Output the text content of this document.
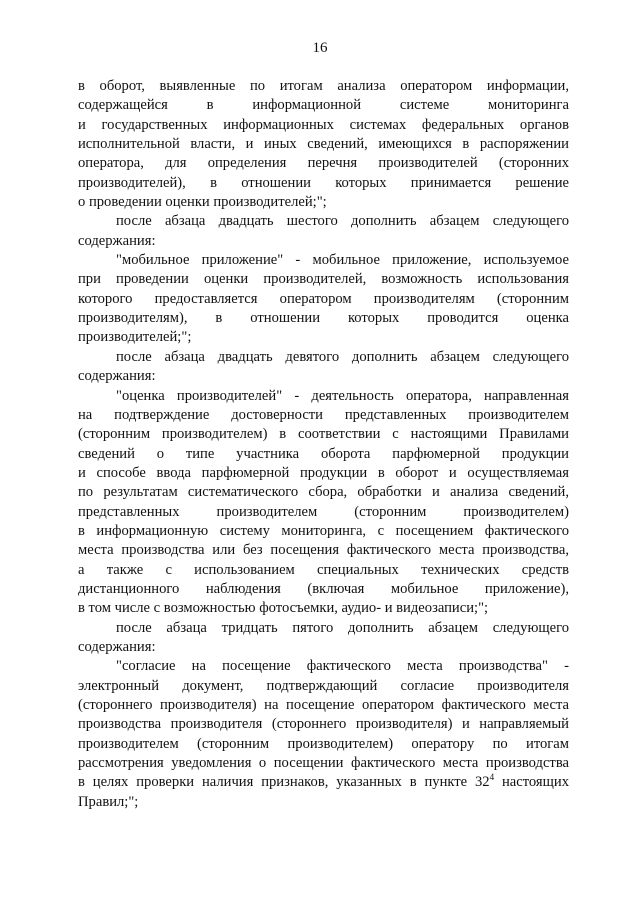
16

в оборот, выявленные по итогам анализа оператором информации,
содержащейся в информационной системе мониторинга
и государственных информационных системах федеральных органов
исполнительной власти, и иных сведений, имеющихся в распоряжении
оператора, для определения перечня производителей (сторонних
производителей), в отношении которых принимается решение
о проведении оценки производителей;";

после абзаца двадцать шестого дополнить абзацем следующего
содержания:

"мобильное приложение" - мобильное приложение, используемое
при проведении оценки производителей, возможность использования
которого предоставляется оператором производителям (сторонним
производителям), в отношении которых проводится оценка
производителей;";

после абзаца двадцать девятого дополнить абзацем следующего
содержания:

"оценка производителей" - деятельность оператора, направленная
на подтверждение достоверности представленных производителем
(сторонним производителем) в соответствии с настоящими Правилами
сведений о типе участника оборота парфюмерной продукции
и способе ввода парфюмерной продукции в оборот и осуществляемая
по результатам систематического сбора, обработки и анализа сведений,
представленных производителем (сторонним производителем)
в информационную систему мониторинга, с посещением фактического
места производства или без посещения фактического места производства,
а также с использованием специальных технических средств
дистанционного наблюдения (включая мобильное приложение),
в том числе с возможностью фотосъемки, аудио- и видеозаписи;";

после абзаца тридцать пятого дополнить абзацем следующего
содержания:

"согласие на посещение фактического места производства" -
электронный документ, подтверждающий согласие производителя
(стороннего производителя) на посещение оператором фактического места
производства производителя (стороннего производителя) и направляемый
производителем (сторонним производителем) оператору по итогам
рассмотрения уведомления о посещении фактического места производства
в целях проверки наличия признаков, указанных в пункте $32^4$ настоящих
Правил;";
